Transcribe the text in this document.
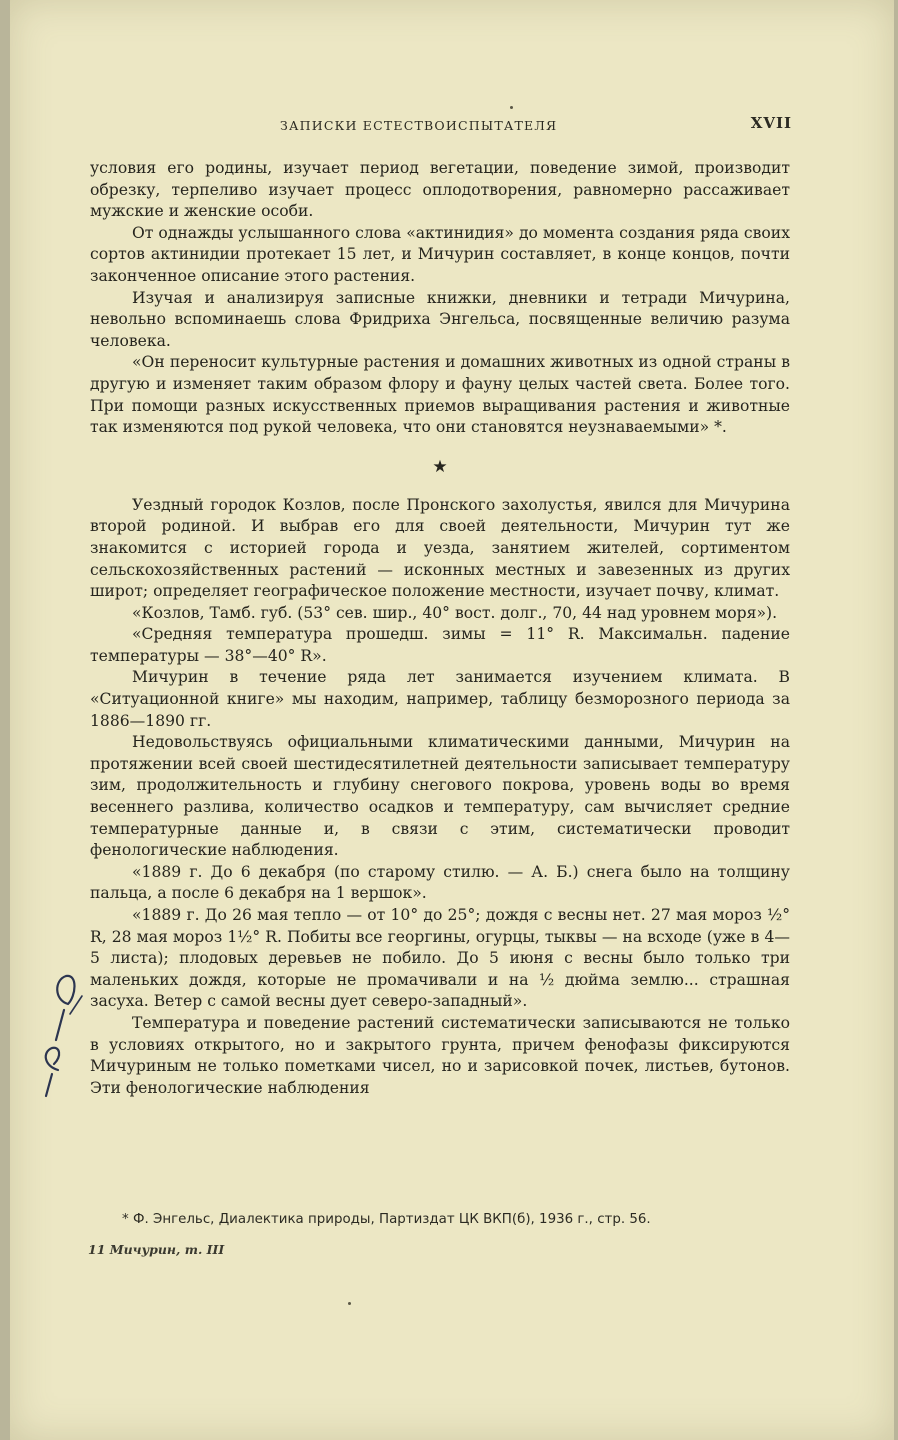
ЗАПИСКИ ЕСТЕСТВОИСПЫТАТЕЛЯ	XVII

условия его родины, изучает период вегетации, поведение зимой, производит обрезку, терпеливо изучает процесс оплодотворения, равномерно рассаживает мужские и женские особи.

От однажды услышанного слова «актинидия» до момента создания ряда своих сортов актинидии протекает 15 лет, и Мичурин составляет, в конце концов, почти законченное описание этого растения.

Изучая и анализируя записные книжки, дневники и тетради Мичурина, невольно вспоминаешь слова Фридриха Энгельса, посвященные величию разума человека.

«Он переносит культурные растения и домашних животных из одной страны в другую и изменяет таким образом флору и фауну целых частей света. Более того. При помощи разных искусственных приемов выращивания растения и животные так изменяются под рукой человека, что они становятся неузнаваемыми» *.

★

Уездный городок Козлов, после Пронского захолустья, явился для Мичурина второй родиной. И выбрав его для своей деятельности, Мичурин тут же знакомится с историей города и уезда, занятием жителей, сортиментом сельскохозяйственных растений — исконных местных и завезенных из других широт; определяет географическое положение местности, изучает почву, климат.

«Козлов, Тамб. губ. (53° сев. шир., 40° вост. долг., 70, 44 над уровнем моря»).

«Средняя температура прошедш. зимы = 11° R. Максимальн. падение температуры — 38°—40° R».

Мичурин в течение ряда лет занимается изучением климата. В «Ситуационной книге» мы находим, например, таблицу безморозного периода за 1886—1890 гг.

Недовольствуясь официальными климатическими данными, Мичурин на протяжении всей своей шестидесятилетней деятельности записывает температуру зим, продолжительность и глубину снегового покрова, уровень воды во время весеннего разлива, количество осадков и температуру, сам вычисляет средние температурные данные и, в связи с этим, систематически проводит фенологические наблюдения.

«1889 г. До 6 декабря (по старому стилю. — А. Б.) снега было на толщину пальца, а после 6 декабря на 1 вершок».

«1889 г. До 26 мая тепло — от 10° до 25°; дождя с весны нет. 27 мая мороз ½° R, 28 мая мороз 1½° R. Побиты все георгины, огурцы, тыквы — на всходе (уже в 4—5 листа); плодовых деревьев не побило. До 5 июня с весны было только три маленьких дождя, которые не промачивали и на ½ дюйма землю... страшная засуха. Ветер с самой весны дует северо-западный».

Температура и поведение растений систематически записываются не только в условиях открытого, но и закрытого грунта, причем фенофазы фиксируются Мичуриным не только пометками чисел, но и зарисовкой почек, листьев, бутонов. Эти фенологические наблюдения

* Ф. Энгельс, Диалектика природы, Партиздат ЦК ВКП(б), 1936 г., стр. 56.
11 Мичурин, т. III
